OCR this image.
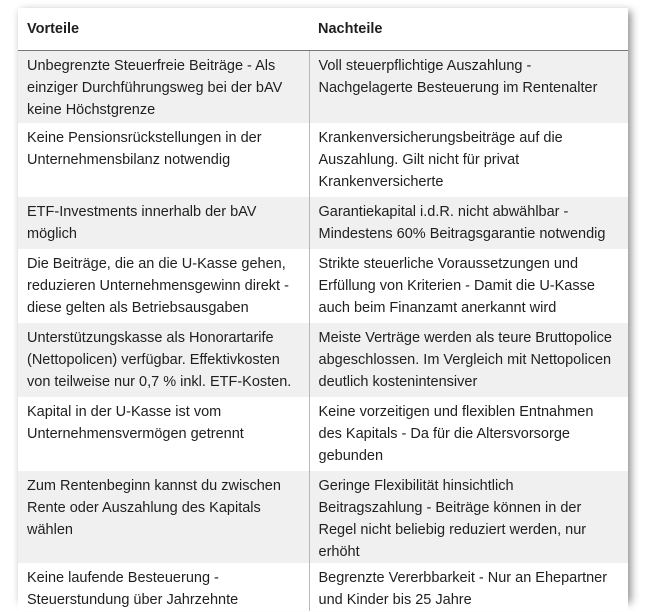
Vorteile	Nachteile
Unbegrenzte Steuerfreie Beiträge - Als einziger Durchführungsweg bei der bAV keine Höchstgrenze	Voll steuerpflichtige Auszahlung - Nachgelagerte Besteuerung im Rentenalter
Keine Pensionsrückstellungen in der Unternehmensbilanz notwendig	Krankenversicherungsbeiträge auf die Auszahlung. Gilt nicht für privat Krankenversicherte
ETF-Investments innerhalb der bAV möglich	Garantiekapital i.d.R. nicht abwählbar - Mindestens 60% Beitragsgarantie notwendig
Die Beiträge, die an die U-Kasse gehen, reduzieren Unternehmensgewinn direkt - diese gelten als Betriebsausgaben	Strikte steuerliche Voraussetzungen und Erfüllung von Kriterien - Damit die U-Kasse auch beim Finanzamt anerkannt wird
Unterstützungskasse als Honorartarife (Nettopolicen) verfügbar. Effektivkosten von teilweise nur 0,7 % inkl. ETF-Kosten.	Meiste Verträge werden als teure Bruttopolice abgeschlossen. Im Vergleich mit Nettopolicen deutlich kostenintensiver
Kapital in der U-Kasse ist vom Unternehmensvermögen getrennt	Keine vorzeitigen und flexiblen Entnahmen des Kapitals - Da für die Altersvorsorge gebunden
Zum Rentenbeginn kannst du zwischen Rente oder Auszahlung des Kapitals wählen	Geringe Flexibilität hinsichtlich Beitragszahlung - Beiträge können in der Regel nicht beliebig reduziert werden, nur erhöht
Keine laufende Besteuerung - Steuerstundung über Jahrzehnte	Begrenzte Vererbbarkeit - Nur an Ehepartner und Kinder bis 25 Jahre
